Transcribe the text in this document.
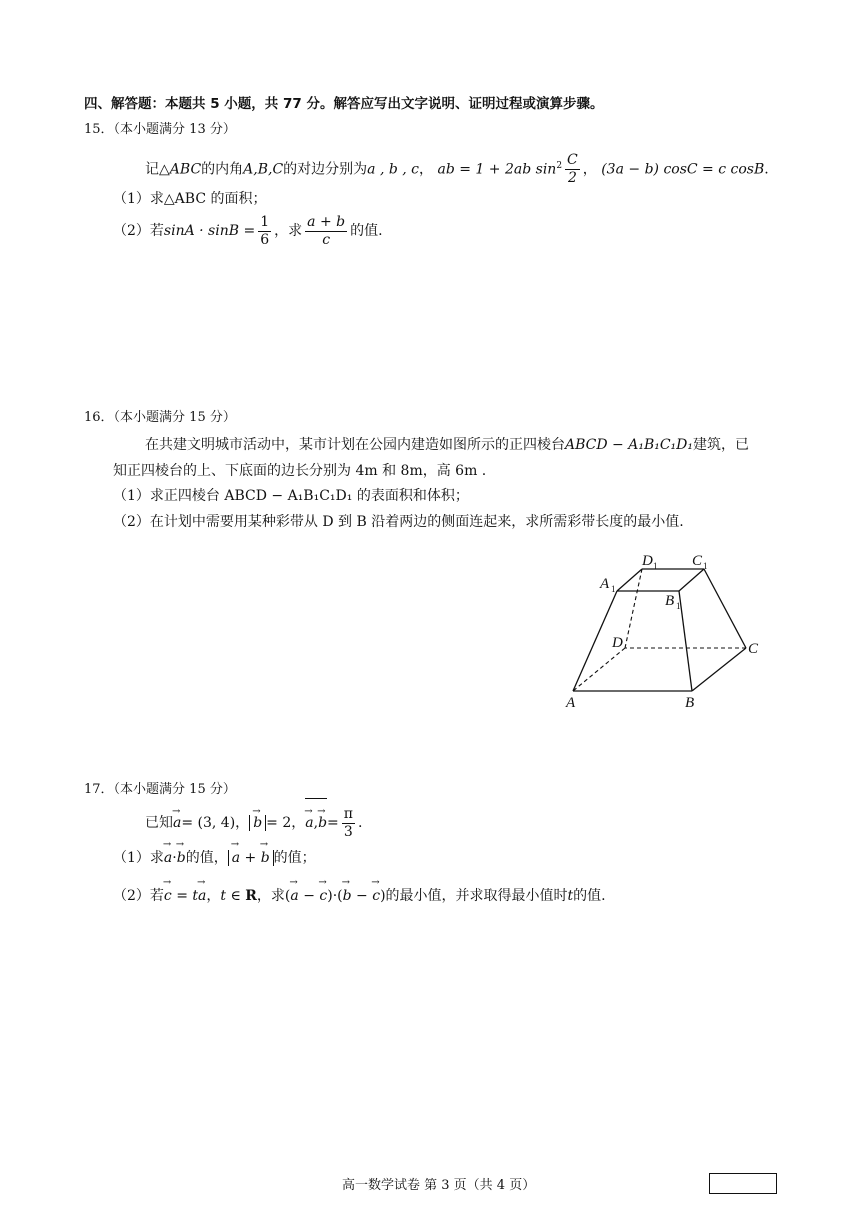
四、解答题：本题共 5 小题，共 77 分。解答应写出文字说明、证明过程或演算步骤。
15．（本小题满分 13 分）
记△ABC的内角A,B,C的对边分别为a , b , c， ab = 1 + 2ab $\sin^2 \frac{C}{2}$ ， (3a − b) cosC = c cosB.
（1）求△ABC 的面积；
（2）若$\sin A \cdot \sin B = \frac{1}{6}$ ，求 $\frac{a + b}{c}$ 的值.
16．（本小题满分 15 分）
在共建文明城市活动中，某市计划在公园内建造如图所示的正四棱台ABCD − A₁B₁C₁D₁建筑，已
知正四棱台的上、下底面的边长分别为 4m 和 8m，高 6m .
（1）求正四棱台 ABCD − A₁B₁C₁D₁ 的表面积和体积；
（2）在计划中需要用某种彩带从 D 到 B 沿着两边的侧面连起来，求所需彩带长度的最小值.
A	B
C
D
A 1
B 1
C 1
D 1
17．（本小题满分 15 分）
已知→ a= (3, 4)， → b = 2，
→ $a,\to b= \frac{\pi}{3}$ .
（1）求→ a·→ b的值， → a + → b 的值；
（2）若→ c = t→ a，t ∈ R，求(→ a − → c)·(→ b − → c)的最小值，并求取得最小值时t的值.
高一数学试卷 第 3 页（共 4 页）
